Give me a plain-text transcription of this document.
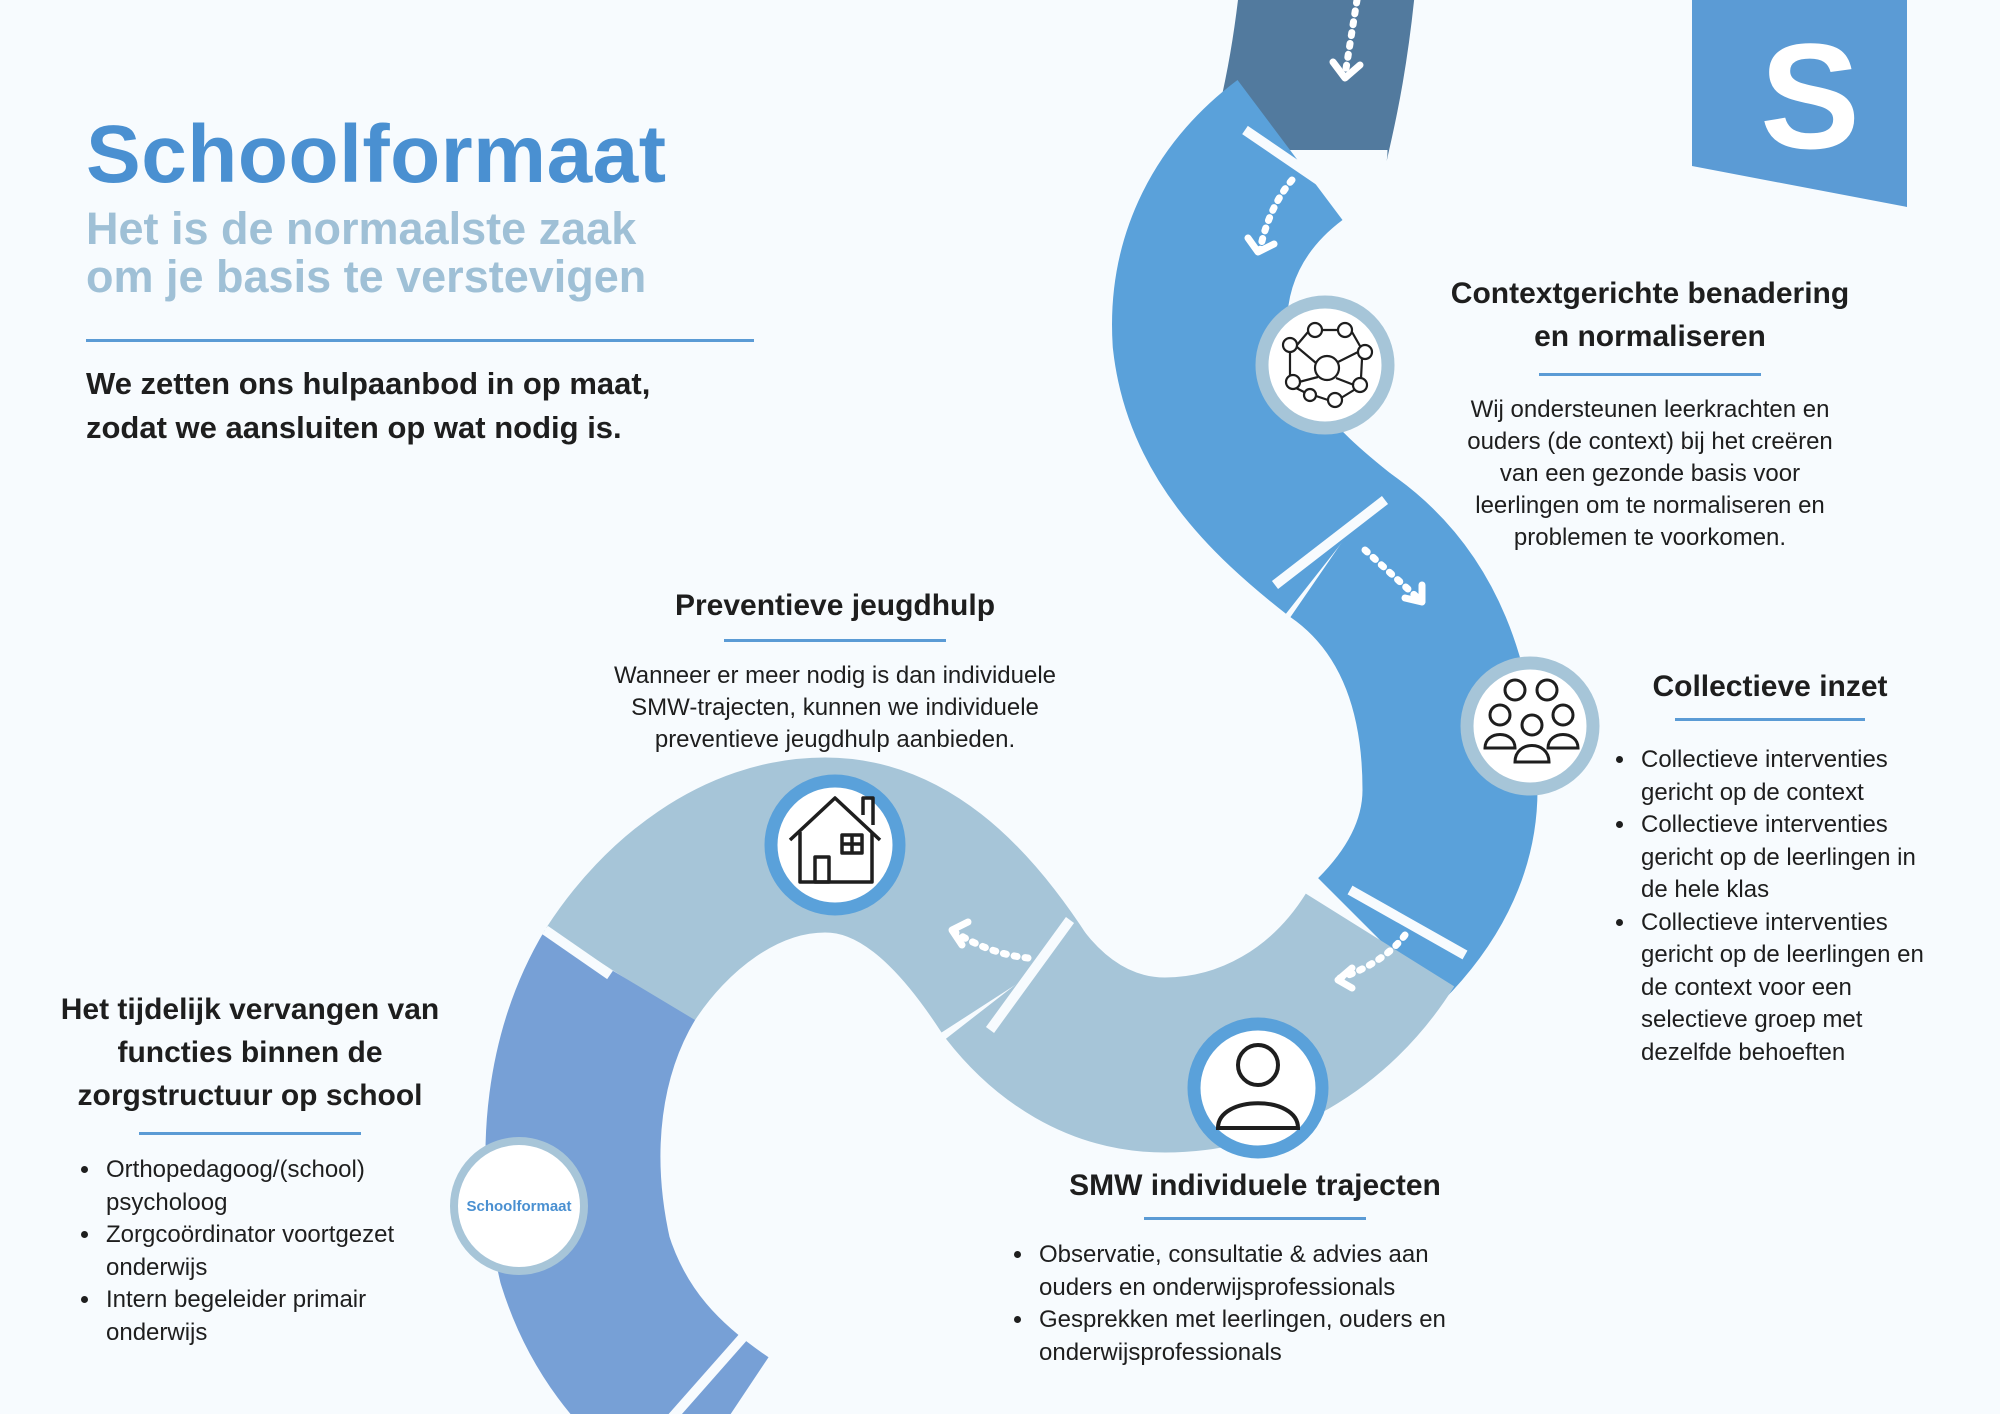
S
Schoolformaat
Het is de normaalste zaak
om je basis te verstevigen
We zetten ons hulpaanbod in op maat,
zodat we aansluiten op wat nodig is.
Contextgerichte benadering
en normaliseren
Wij ondersteunen leerkrachten en
ouders (de context) bij het creëren
van een gezonde basis voor
leerlingen om te normaliseren en
problemen te voorkomen.
Collectieve inzet
• Collectieve interventies
gericht op de context
• Collectieve interventies
gericht op de leerlingen in
de hele klas
• Collectieve interventies
gericht op de leerlingen en
de context voor een
selectieve groep met
dezelfde behoeften
SMW individuele trajecten
• Observatie, consultatie & advies aan
ouders en onderwijsprofessionals
• Gesprekken met leerlingen, ouders en
onderwijsprofessionals
Preventieve jeugdhulp
Wanneer er meer nodig is dan individuele
SMW-trajecten, kunnen we individuele
preventieve jeugdhulp aanbieden.
Het tijdelijk vervangen van
functies binnen de
zorgstructuur op school
• Orthopedagoog/(school)
psycholoog
• Zorgcoördinator voortgezet
onderwijs
• Intern begeleider primair
onderwijs
Schoolformaat
